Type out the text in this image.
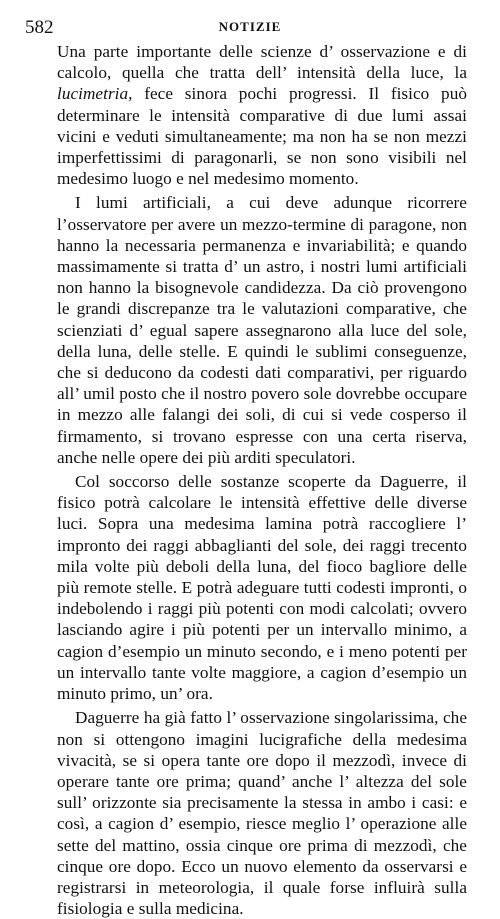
582	NOTIZIE

Una parte importante delle scienze d’ osservazione e di calcolo, quella che tratta dell’ intensità della luce, la lucimetria, fece sinora pochi progressi. Il fisico può determinare le intensità comparative di due lumi assai vicini e veduti simultaneamente; ma non ha se non mezzi imperfettissimi di paragonarli, se non sono visibili nel medesimo luogo e nel medesimo momento.

I lumi artificiali, a cui deve adunque ricorrere l’osservatore per avere un mezzo-termine di paragone, non hanno la necessaria permanenza e invariabilità; e quando massimamente si tratta d’ un astro, i nostri lumi artificiali non hanno la bisognevole candidezza. Da ciò provengono le grandi discrepanze tra le valutazioni comparative, che scienziati d’ egual sapere assegnarono alla luce del sole, della luna, delle stelle. E quindi le sublimi conseguenze, che si deducono da codesti dati comparativi, per riguardo all’ umil posto che il nostro povero sole dovrebbe occupare in mezzo alle falangi dei soli, di cui si vede cosperso il firmamento, si trovano espresse con una certa riserva, anche nelle opere dei più arditi speculatori.

Col soccorso delle sostanze scoperte da Daguerre, il fisico potrà calcolare le intensità effettive delle diverse luci. Sopra una medesima lamina potrà raccogliere l’ impronto dei raggi abbaglianti del sole, dei raggi trecento mila volte più deboli della luna, del fioco bagliore delle più remote stelle. E potrà adeguare tutti codesti impronti, o indebolendo i raggi più potenti con modi calcolati; ovvero lasciando agire i più potenti per un intervallo minimo, a cagion d’esempio un minuto secondo, e i meno potenti per un intervallo tante volte maggiore, a cagion d’esempio un minuto primo, un’ ora.

Daguerre ha già fatto l’ osservazione singolarissima, che non si ottengono imagini lucigrafiche della medesima vivacità, se si opera tante ore dopo il mezzodì, invece di operare tante ore prima; quand’ anche l’ altezza del sole sull’ orizzonte sia precisamente la stessa in ambo i casi: e così, a cagion d’ esempio, riesce meglio l’ operazione alle sette del mattino, ossia cinque ore prima di mezzodì, che cinque ore dopo. Ecco un nuovo elemento da osservarsi e registrarsi in meteorologia, il quale forse influirà sulla fisiologia e sulla medicina.
